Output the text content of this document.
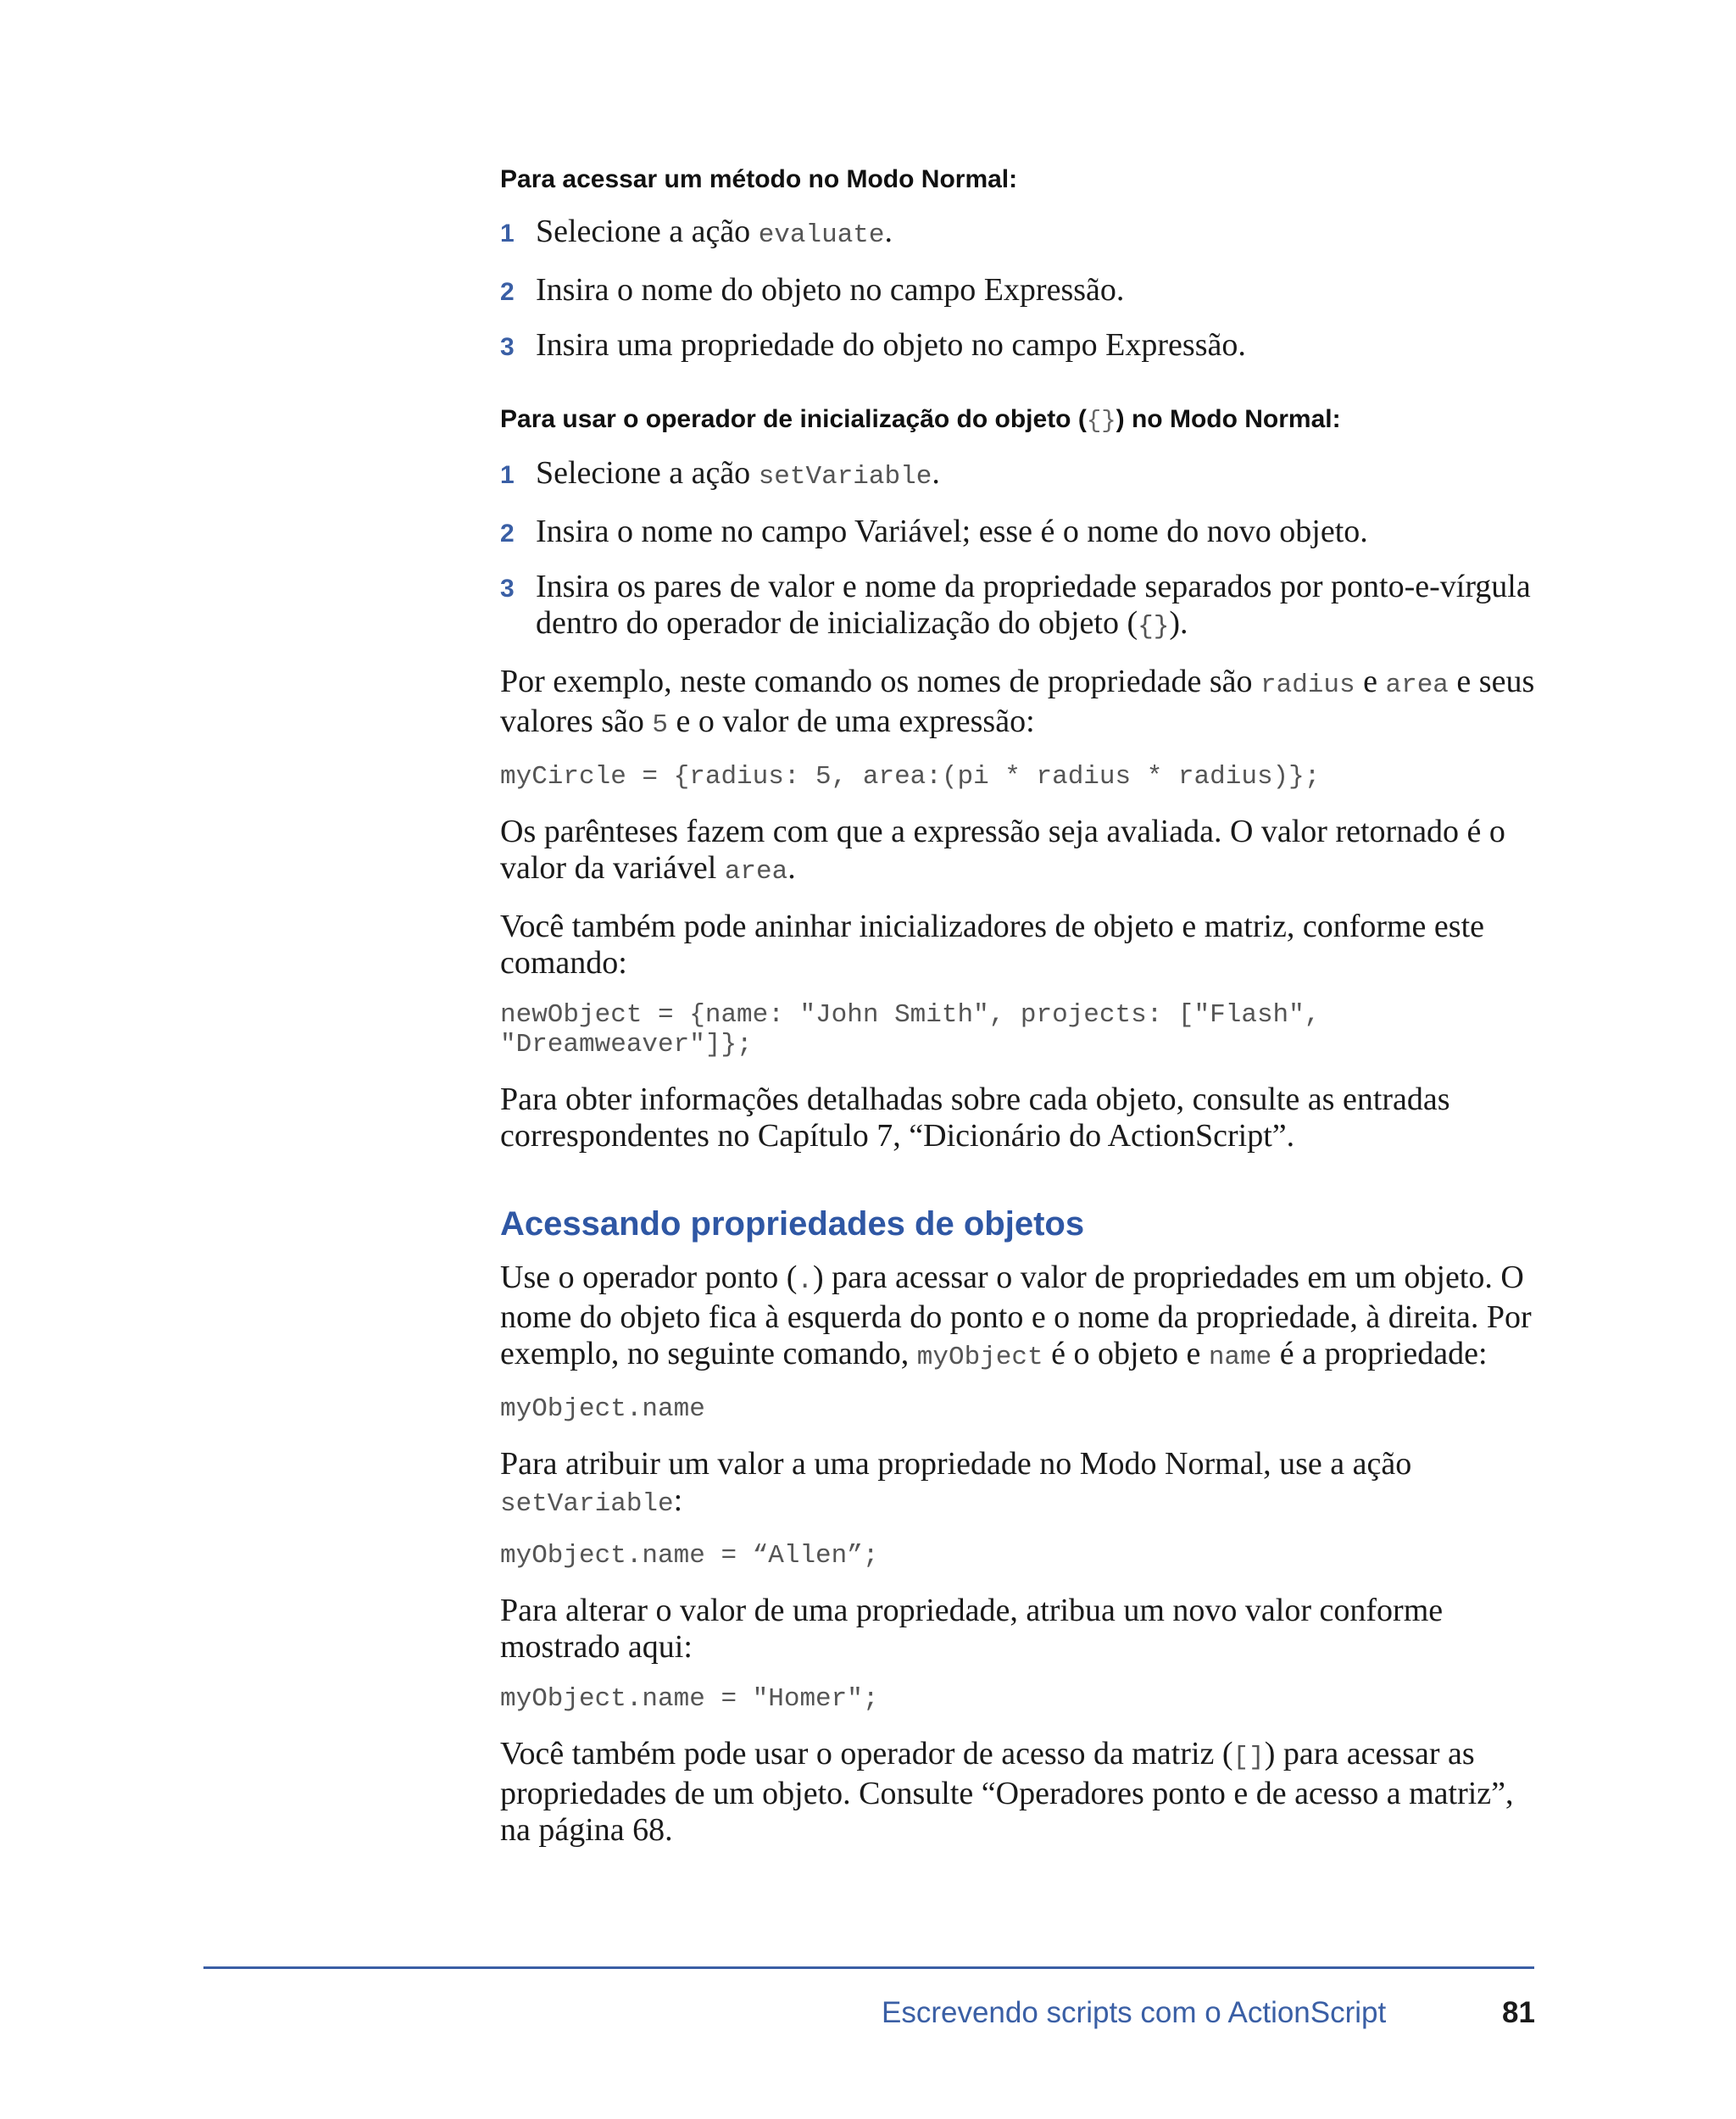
Para acessar um método no Modo Normal:

1 Selecione a ação evaluate.
2 Insira o nome do objeto no campo Expressão.
3 Insira uma propriedade do objeto no campo Expressão.

Para usar o operador de inicialização do objeto ({}) no Modo Normal:

1 Selecione a ação setVariable.
2 Insira o nome no campo Variável; esse é o nome do novo objeto.
3 Insira os pares de valor e nome da propriedade separados por ponto-e-vírgula dentro do operador de inicialização do objeto ({}).

Por exemplo, neste comando os nomes de propriedade são radius e area e seus valores são 5 e o valor de uma expressão:

myCircle = {radius: 5, area:(pi * radius * radius)};

Os parênteses fazem com que a expressão seja avaliada. O valor retornado é o valor da variável area.

Você também pode aninhar inicializadores de objeto e matriz, conforme este comando:

newObject = {name: "John Smith", projects: ["Flash", "Dreamweaver"]};

Para obter informações detalhadas sobre cada objeto, consulte as entradas correspondentes no Capítulo 7, “Dicionário do ActionScript”.

Acessando propriedades de objetos

Use o operador ponto (.) para acessar o valor de propriedades em um objeto. O nome do objeto fica à esquerda do ponto e o nome da propriedade, à direita. Por exemplo, no seguinte comando, myObject é o objeto e name é a propriedade:

myObject.name

Para atribuir um valor a uma propriedade no Modo Normal, use a ação setVariable:

myObject.name = “Allen”;

Para alterar o valor de uma propriedade, atribua um novo valor conforme mostrado aqui:

myObject.name = "Homer";

Você também pode usar o operador de acesso da matriz ([]) para acessar as propriedades de um objeto. Consulte “Operadores ponto e de acesso a matriz”, na página 68.

Escrevendo scripts com o ActionScript	81
